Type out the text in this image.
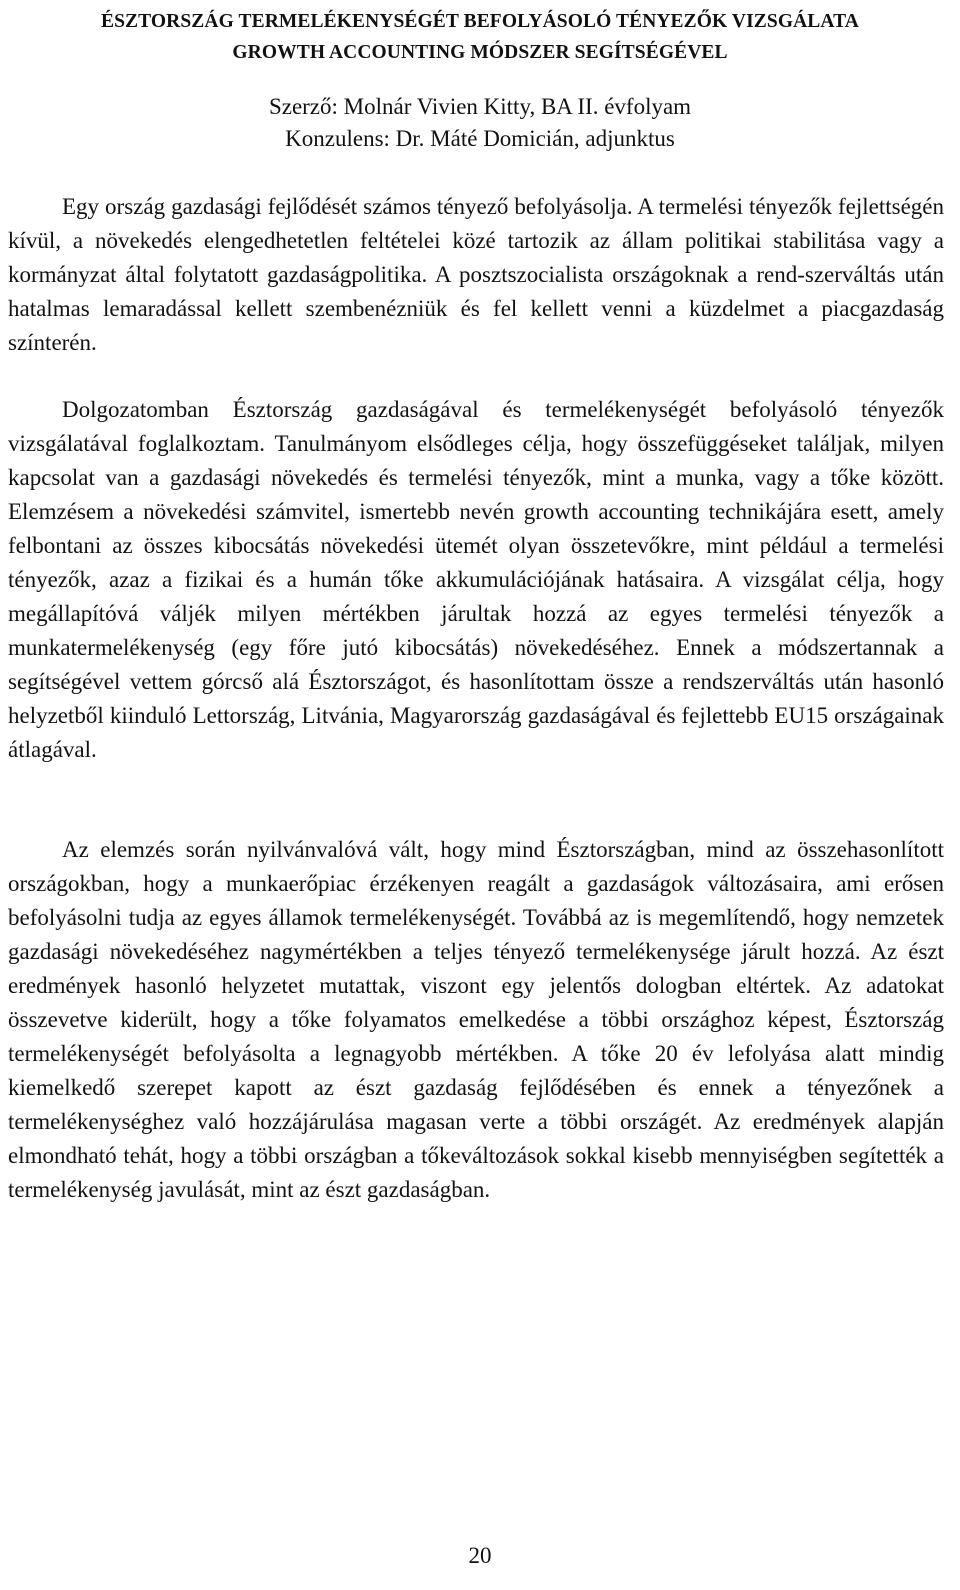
ÉSZTORSZÁG TERMELÉKENYSÉGÉT BEFOLYÁSOLÓ TÉNYEZŐK VIZSGÁLATA
GROWTH ACCOUNTING MÓDSZER SEGÍTSÉGÉVEL
Szerző: Molnár Vivien Kitty, BA II. évfolyam
Konzulens: Dr. Máté Domicián, adjunktus

Egy ország gazdasági fejlődését számos tényező befolyásolja. A termelési tényezők fejlettségén kívül, a növekedés elengedhetetlen feltételei közé tartozik az állam politikai stabilitása vagy a kormányzat által folytatott gazdaságpolitika. A posztszocialista országoknak a rend-szerváltás után hatalmas lemaradással kellett szembenézniük és fel kellett venni a küzdelmet a piacgazdaság színterén.

Dolgozatomban Észtország gazdaságával és termelékenységét befolyásoló tényezők vizsgálatával foglalkoztam. Tanulmányom elsődleges célja, hogy összefüggéseket találjak, milyen kapcsolat van a gazdasági növekedés és termelési tényezők, mint a munka, vagy a tőke között. Elemzésem a növekedési számvitel, ismertebb nevén growth accounting technikájára esett, amely felbontani az összes kibocsátás növekedési ütemét olyan összetevőkre, mint például a termelési tényezők, azaz a fizikai és a humán tőke akkumulációjának hatásaira. A vizsgálat célja, hogy megállapítóvá váljék milyen mértékben járultak hozzá az egyes termelési tényezők a munkatermelékenység (egy főre jutó kibocsátás) növekedéséhez. Ennek a módszertannak a segítségével vettem górcső alá Észtországot, és hasonlítottam össze a rendszerváltás után hasonló helyzetből kiinduló Lettország, Litvánia, Magyarország gazdaságával és fejlettebb EU15 országainak átlagával.

Az elemzés során nyilvánvalóvá vált, hogy mind Észtországban, mind az összehasonlított országokban, hogy a munkaerőpiac érzékenyen reagált a gazdaságok változásaira, ami erősen befolyásolni tudja az egyes államok termelékenységét. Továbbá az is megemlítendő, hogy nemzetek gazdasági növekedéséhez nagymértékben a teljes tényező termelékenysége járult hozzá. Az észt eredmények hasonló helyzetet mutattak, viszont egy jelentős dologban eltértek. Az adatokat összevetve kiderült, hogy a tőke folyamatos emelkedése a többi országhoz képest, Észtország termelékenységét befolyásolta a legnagyobb mértékben. A tőke 20 év lefolyása alatt mindig kiemelkedő szerepet kapott az észt gazdaság fejlődésében és ennek a tényezőnek a termelékenységhez való hozzájárulása magasan verte a többi országét. Az eredmények alapján elmondható tehát, hogy a többi országban a tőkeváltozások sokkal kisebb mennyiségben segítették a termelékenység javulását, mint az észt gazdaságban.

20
